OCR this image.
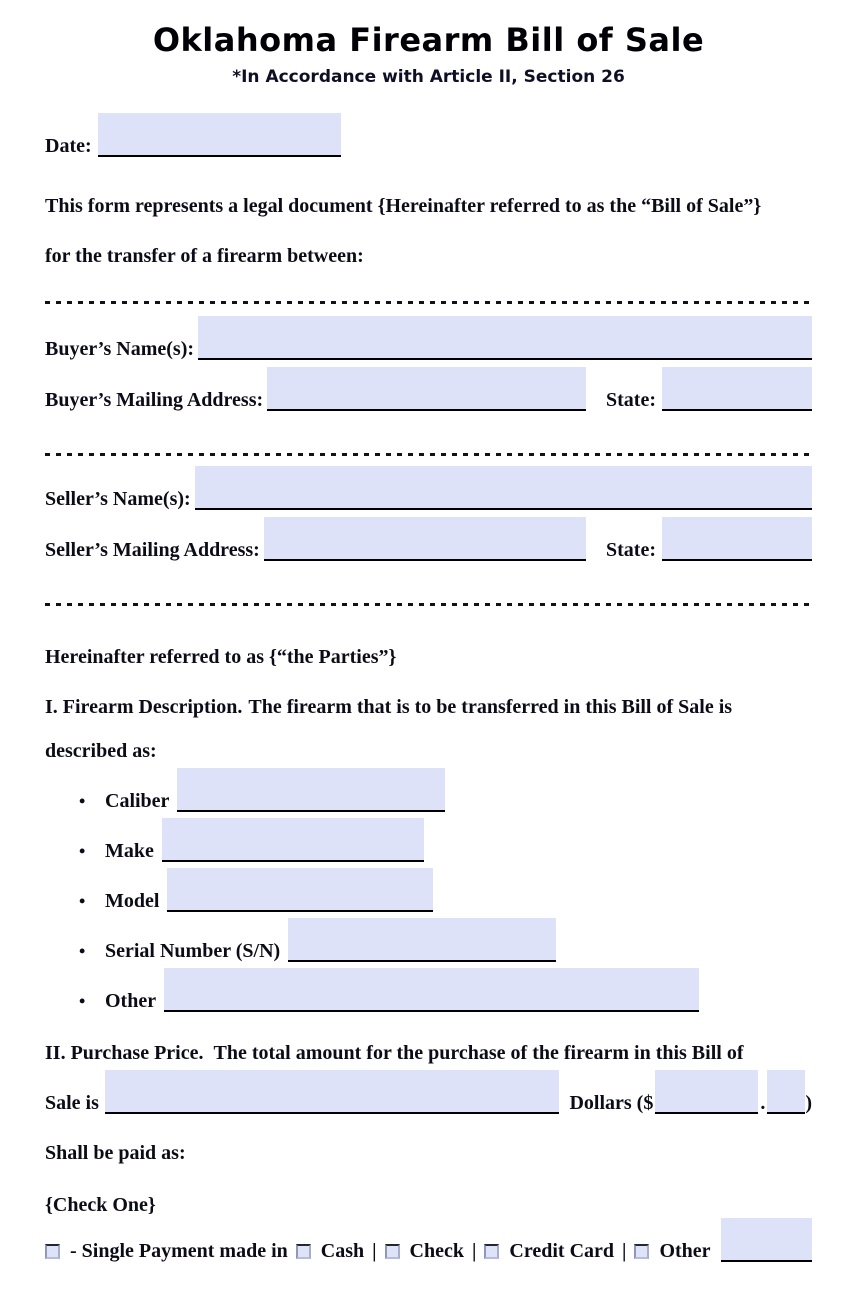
Oklahoma Firearm Bill of Sale
*In Accordance with Article II, Section 26
Date:
This form represents a legal document {Hereinafter referred to as the “Bill of Sale”}
for the transfer of a firearm between:
Buyer’s Name(s):
Buyer’s Mailing Address:	State:
Seller’s Name(s):
Seller’s Mailing Address:	State:
Hereinafter referred to as {“the Parties”}
I. Firearm Description. The firearm that is to be transferred in this Bill of Sale is
described as:
• Caliber
• Make
• Model
• Serial Number (S/N)
• Other
II. Purchase Price. The total amount for the purchase of the firearm in this Bill of
Sale is	Dollars ($	. )
Shall be paid as:
{Check One}
- Single Payment made in Cash | Check | Credit Card | Other
